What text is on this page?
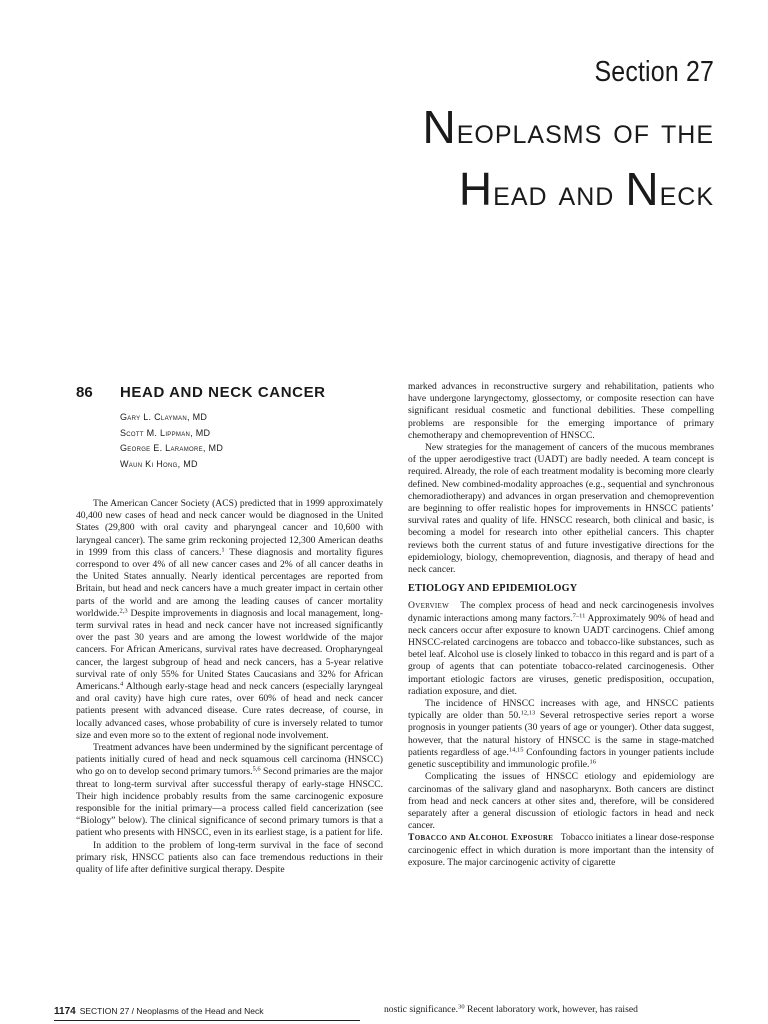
Section 27
Neoplasms of the
Head and Neck
86 HEAD AND NECK CANCER
Gary L. Clayman, MD
Scott M. Lippman, MD
George E. Laramore, MD
Waun Ki Hong, MD

The American Cancer Society (ACS) predicted that in 1999 approximately 40,400 new cases of head and neck cancer would be diagnosed in the United States (29,800 with oral cavity and pharyngeal cancer and 10,600 with laryngeal cancer). The same grim reckoning projected 12,300 American deaths in 1999 from this class of cancers.$^1$ These diagnosis and mortality figures correspond to over 4% of all new cancer cases and 2% of all cancer deaths in the United States annually. Nearly identical percentages are reported from Britain, but head and neck cancers have a much greater impact in certain other parts of the world and are among the leading causes of cancer mortality worldwide.$^{2,3}$ Despite improvements in diagnosis and local management, long-term survival rates in head and neck cancer have not increased significantly over the past 30 years and are among the lowest worldwide of the major cancers. For African Americans, survival rates have decreased. Oropharyngeal cancer, the largest subgroup of head and neck cancers, has a 5-year relative survival rate of only 55% for United States Caucasians and 32% for African Americans.$^4$ Although early-stage head and neck cancers (especially laryngeal and oral cavity) have high cure rates, over 60% of head and neck cancer patients present with advanced disease. Cure rates decrease, of course, in locally advanced cases, whose probability of cure is inversely related to tumor size and even more so to the extent of regional node involvement.

Treatment advances have been undermined by the significant percentage of patients initially cured of head and neck squamous cell carcinoma (HNSCC) who go on to develop second primary tumors.$^{5,6}$ Second primaries are the major threat to long-term survival after successful therapy of early-stage HNSCC. Their high incidence probably results from the same carcinogenic exposure responsible for the initial primary—a process called field cancerization (see “Biology” below). The clinical significance of second primary tumors is that a patient who presents with HNSCC, even in its earliest stage, is a patient for life.

In addition to the problem of long-term survival in the face of second primary risk, HNSCC patients also can face tremendous reductions in their quality of life after definitive surgical therapy. Despite

marked advances in reconstructive surgery and rehabilitation, patients who have undergone laryngectomy, glossectomy, or composite resection can have significant residual cosmetic and functional debilities. These compelling problems are responsible for the emerging importance of primary chemotherapy and chemoprevention of HNSCC.

New strategies for the management of cancers of the mucous membranes of the upper aerodigestive tract (UADT) are badly needed. A team concept is required. Already, the role of each treatment modality is becoming more clearly defined. New combined-modality approaches (e.g., sequential and synchronous chemoradiotherapy) and advances in organ preservation and chemoprevention are beginning to offer realistic hopes for improvements in HNSCC patients’ survival rates and quality of life. HNSCC research, both clinical and basic, is becoming a model for research into other epithelial cancers. This chapter reviews both the current status of and future investigative directions for the epidemiology, biology, chemoprevention, diagnosis, and therapy of head and neck cancer.

ETIOLOGY AND EPIDEMIOLOGY

Overview The complex process of head and neck carcinogenesis involves dynamic interactions among many factors.$^{7-11}$ Approximately 90% of head and neck cancers occur after exposure to known UADT carcinogens. Chief among HNSCC-related carcinogens are tobacco and tobacco-like substances, such as betel leaf. Alcohol use is closely linked to tobacco in this regard and is part of a group of agents that can potentiate tobacco-related carcinogenesis. Other important etiologic factors are viruses, genetic predisposition, occupation, radiation exposure, and diet.

The incidence of HNSCC increases with age, and HNSCC patients typically are older than 50.$^{12,13}$ Several retrospective series report a worse prognosis in younger patients (30 years of age or younger). Other data suggest, however, that the natural history of HNSCC is the same in stage-matched patients regardless of age.$^{14,15}$ Confounding factors in younger patients include genetic susceptibility and immunologic profile.$^{16}$

Complicating the issues of HNSCC etiology and epidemiology are carcinomas of the salivary gland and nasopharynx. Both cancers are distinct from head and neck cancers at other sites and, therefore, will be considered separately after a general discussion of etiologic factors in head and neck cancer.

Tobacco and Alcohol Exposure Tobacco initiates a linear dose-response carcinogenic effect in which duration is more important than the intensity of exposure. The major carcinogenic activity of cigarette

1174 SECTION 27 / Neoplasms of the Head and Neck	nostic significance.$^{30}$ Recent laboratory work, however, has raised
